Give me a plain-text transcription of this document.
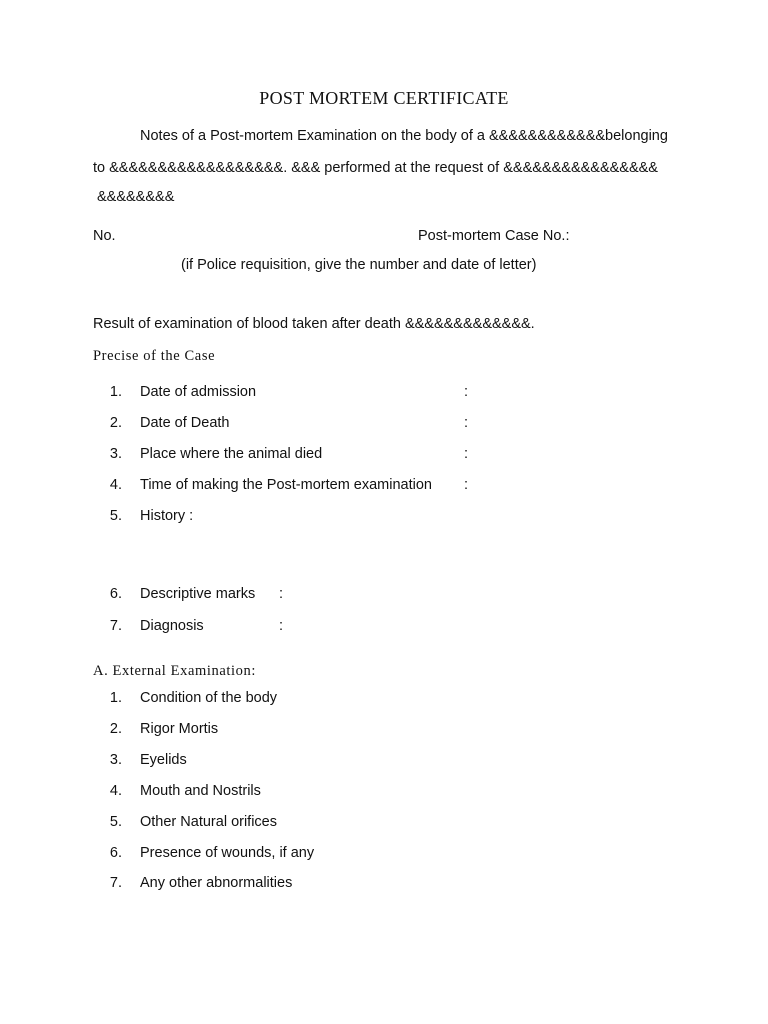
POST MORTEM CERTIFICATE
Notes of a Post-mortem Examination on the body of a &&&&&&&&&&&&belonging
to &&&&&&&&&&&&&&&&&&. &&& performed at the request of &&&&&&&&&&&&&&&&
&&&&&&&&
No.	Post-mortem Case No.:
(if Police requisition, give the number and date of letter)
Result of examination of blood taken after death &&&&&&&&&&&&&.
Precise of the Case
1. Date of admission	:
2. Date of Death	:
3. Place where the animal died	:
4. Time of making the Post-mortem examination :
5. History :
6. Descriptive marks :
7. Diagnosis	:
A. External Examination:
1. Condition of the body
2. Rigor Mortis
3. Eyelids
4. Mouth and Nostrils
5. Other Natural orifices
6. Presence of wounds, if any
7. Any other abnormalities
